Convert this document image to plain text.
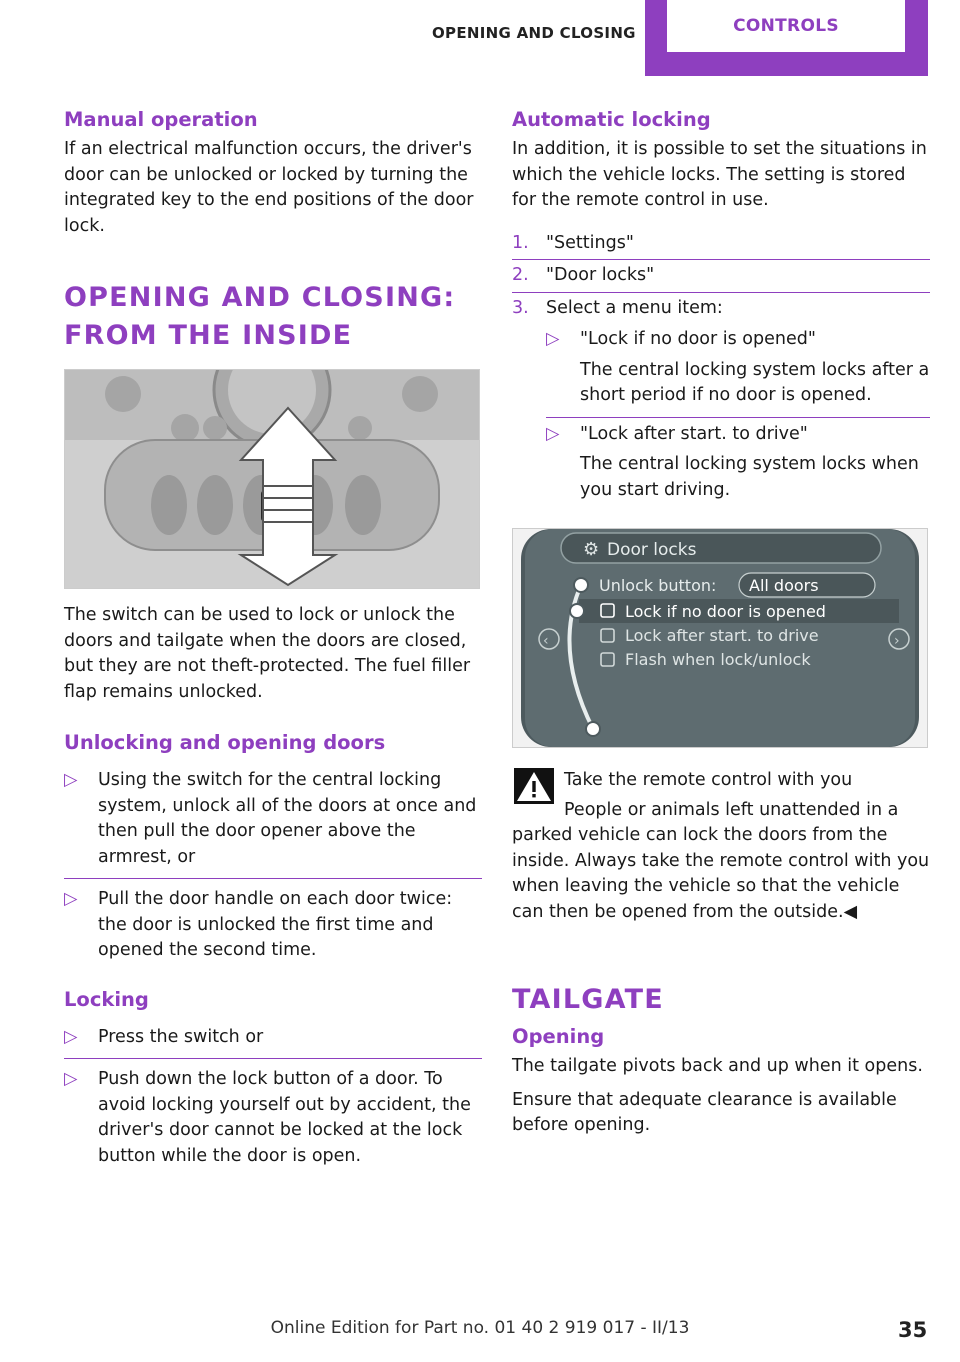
OPENING AND CLOSING	CONTROLS
Manual operation

If an electrical malfunction occurs, the driver's door can be unlocked or locked by turning the integrated key to the end positions of the door lock.

OPENING AND CLOSING:
FROM THE INSIDE

The switch can be used to lock or unlock the doors and tailgate when the doors are closed, but they are not theft-protected. The fuel filler flap remains unlocked.

Unlocking and opening doors
▷ Using the switch for the central locking system, unlock all of the doors at once and then pull the door opener above the armrest, or
▷ Pull the door handle on each door twice: the door is unlocked the first time and opened the second time.
Locking
▷ Press the switch or
▷ Push down the lock button of a door. To avoid locking yourself out by accident, the driver's door cannot be locked at the lock button while the door is open.
Automatic locking

In addition, it is possible to set the situations in which the vehicle locks. The setting is stored for the remote control in use.

1. "Settings"
2. "Door locks"
3. Select a menu item:
▷ "Lock if no door is opened"
The central locking system locks after a short period if no door is opened.
▷ "Lock after start. to drive"
The central locking system locks when you start driving.
⚙ Door locks
Unlock button: All doors
Lock if no door is opened
Lock after start. to drive
Flash when lock/unlock
‹	›

Take the remote control with you

People or animals left unattended in a parked vehicle can lock the doors from the inside. Always take the remote control with you when leaving the vehicle so that the vehicle can then be opened from the outside.◀

TAILGATE
Opening

The tailgate pivots back and up when it opens.

Ensure that adequate clearance is available before opening.

Online Edition for Part no. 01 40 2 919 017 - II/13	35
